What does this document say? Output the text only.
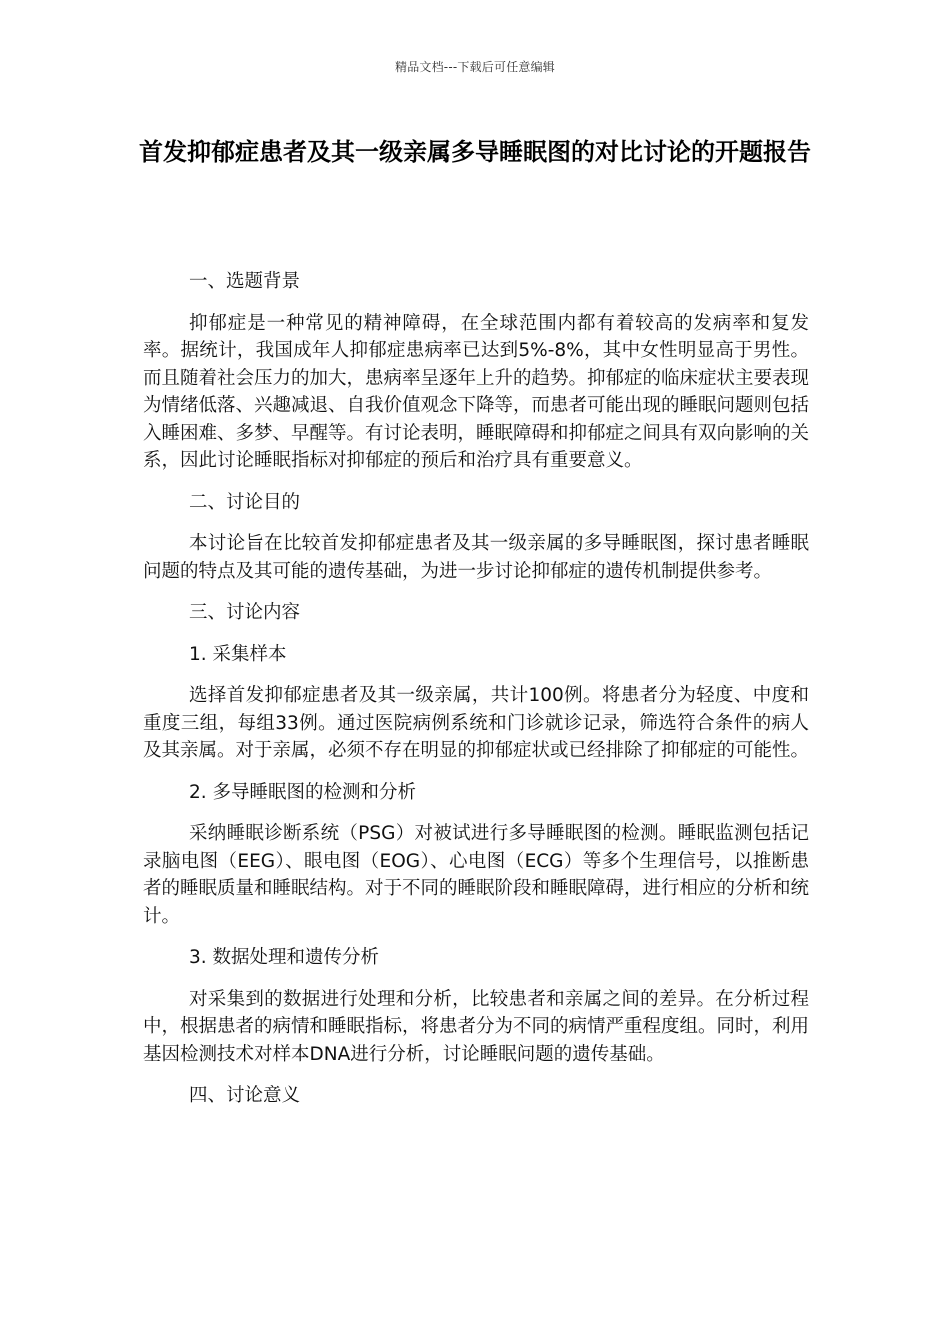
精品文档---下载后可任意编辑
首发抑郁症患者及其一级亲属多导睡眠图的对比讨论的开题报告

一、选题背景

抑郁症是一种常见的精神障碍，在全球范围内都有着较高的发病率和复发率。据统计，我国成年人抑郁症患病率已达到5%-8%，其中女性明显高于男性。而且随着社会压力的加大，患病率呈逐年上升的趋势。抑郁症的临床症状主要表现为情绪低落、兴趣减退、自我价值观念下降等，而患者可能出现的睡眠问题则包括入睡困难、多梦、早醒等。有讨论表明，睡眠障碍和抑郁症之间具有双向影响的关系，因此讨论睡眠指标对抑郁症的预后和治疗具有重要意义。

二、讨论目的

本讨论旨在比较首发抑郁症患者及其一级亲属的多导睡眠图，探讨患者睡眠问题的特点及其可能的遗传基础，为进一步讨论抑郁症的遗传机制提供参考。

三、讨论内容

1. 采集样本

选择首发抑郁症患者及其一级亲属，共计100例。将患者分为轻度、中度和重度三组，每组33例。通过医院病例系统和门诊就诊记录，筛选符合条件的病人及其亲属。对于亲属，必须不存在明显的抑郁症状或已经排除了抑郁症的可能性。

2. 多导睡眠图的检测和分析

采纳睡眠诊断系统（PSG）对被试进行多导睡眠图的检测。睡眠监测包括记录脑电图（EEG）、眼电图（EOG）、心电图（ECG）等多个生理信号，以推断患者的睡眠质量和睡眠结构。对于不同的睡眠阶段和睡眠障碍，进行相应的分析和统计。

3. 数据处理和遗传分析

对采集到的数据进行处理和分析，比较患者和亲属之间的差异。在分析过程中，根据患者的病情和睡眠指标，将患者分为不同的病情严重程度组。同时，利用基因检测技术对样本DNA进行分析，讨论睡眠问题的遗传基础。

四、讨论意义
